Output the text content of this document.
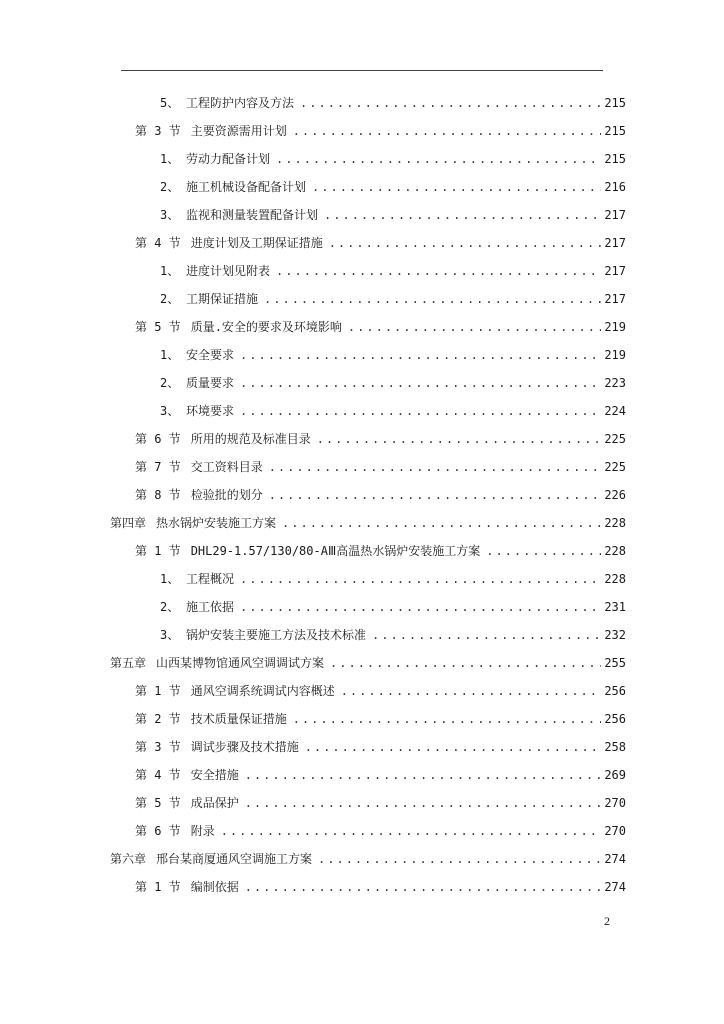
5、 工程防护内容及方法 .....	215
第 3 节 主要资源需用计划 .....	215
1、 劳动力配备计划 .....	215
2、 施工机械设备配备计划 .....	216
3、 监视和测量装置配备计划 .....	217
第 4 节 进度计划及工期保证措施 .....	217
1、 进度计划见附表 .....	217
2、 工期保证措施 .....	217
第 5 节 质量.安全的要求及环境影响 .....	219
1、 安全要求 .....	219
2、 质量要求 .....	223
3、 环境要求 .....	224
第 6 节 所用的规范及标准目录 .....	225
第 7 节 交工资料目录 .....	225
第 8 节 检验批的划分 .....	226
第四章 热水锅炉安装施工方案 .....	228
第 1 节 DHL29-1.57/130/80-AⅢ高温热水锅炉安装施工方案 .....	228
1、 工程概况 .....	228
2、 施工依据 .....	231
3、 锅炉安装主要施工方法及技术标准 .....	232
第五章 山西某博物馆通风空调调试方案 .....	255
第 1 节 通风空调系统调试内容概述 .....	256
第 2 节 技术质量保证措施 .....	256
第 3 节 调试步骤及技术措施 .....	258
第 4 节 安全措施 .....	269
第 5 节 成品保护 .....	270
第 6 节 附录 .....	270
第六章 邢台某商厦通风空调施工方案 .....	274
第 1 节 编制依据 .....	274
2
